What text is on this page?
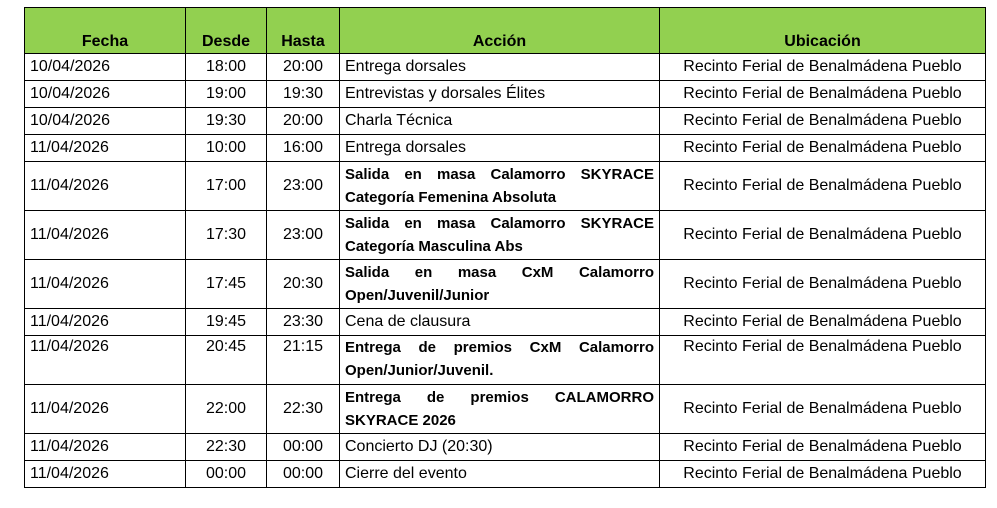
Fecha	Desde	Hasta	Acción	Ubicación
10/04/2026	18:00	20:00	Entrega dorsales	Recinto Ferial de Benalmádena Pueblo
10/04/2026	19:00	19:30	Entrevistas y dorsales Élites	Recinto Ferial de Benalmádena Pueblo
10/04/2026	19:30	20:00	Charla Técnica	Recinto Ferial de Benalmádena Pueblo
11/04/2026	10:00	16:00	Entrega dorsales	Recinto Ferial de Benalmádena Pueblo
11/04/2026	17:00	23:00	Salida en masa Calamorro SKYRACE Categoría Femenina Absoluta	Recinto Ferial de Benalmádena Pueblo
11/04/2026	17:30	23:00	Salida en masa Calamorro SKYRACE Categoría Masculina Abs	Recinto Ferial de Benalmádena Pueblo
11/04/2026	17:45	20:30	Salida en masa CxM Calamorro Open/Juvenil/Junior	Recinto Ferial de Benalmádena Pueblo
11/04/2026	19:45	23:30	Cena de clausura	Recinto Ferial de Benalmádena Pueblo
11/04/2026	20:45	21:15	Entrega de premios CxM Calamorro Open/Junior/Juvenil.	Recinto Ferial de Benalmádena Pueblo
11/04/2026	22:00	22:30	Entrega de premios CALAMORRO SKYRACE 2026	Recinto Ferial de Benalmádena Pueblo
11/04/2026	22:30	00:00	Concierto DJ (20:30)	Recinto Ferial de Benalmádena Pueblo
11/04/2026	00:00	00:00	Cierre del evento	Recinto Ferial de Benalmádena Pueblo
